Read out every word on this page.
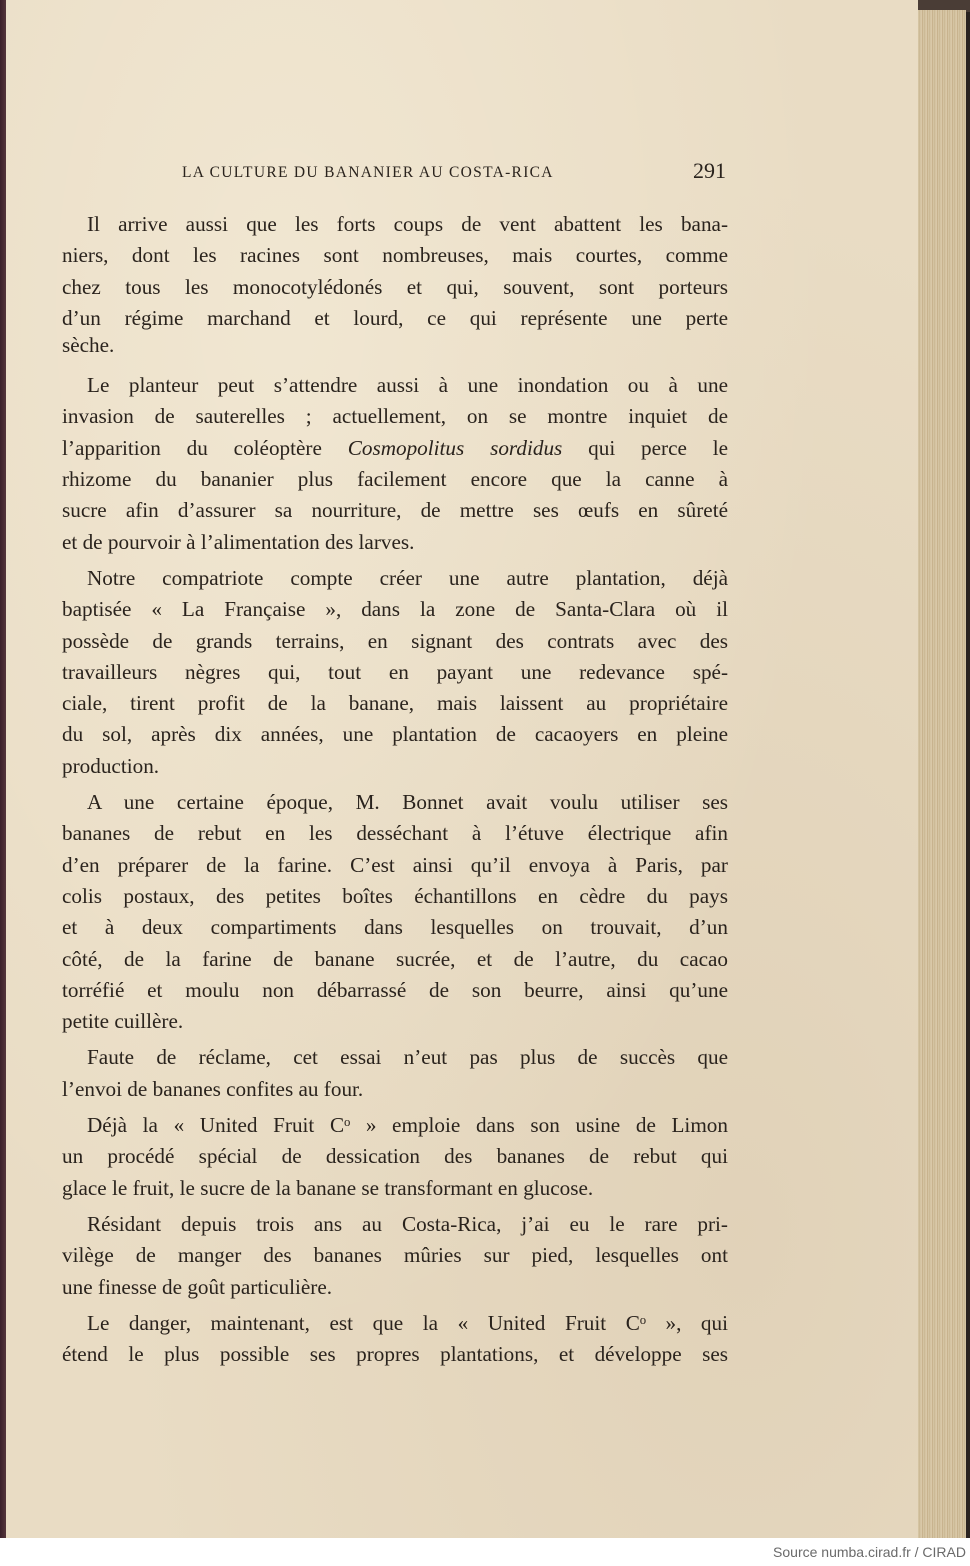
LA CULTURE DU BANANIER AU COSTA-RICA	291
Il arrive aussi que les forts coups de vent abattent les bana-
niers, dont les racines sont nombreuses, mais courtes, comme
chez tous les monocotylédonés et qui, souvent, sont porteurs
d’un régime marchand et lourd, ce qui représente une perte
sèche.
Le planteur peut s’attendre aussi à une inondation ou à une
invasion de sauterelles ; actuellement, on se montre inquiet de
l’apparition du coléoptère Cosmopolitus sordidus qui perce le
rhizome du bananier plus facilement encore que la canne à
sucre afin d’assurer sa nourriture, de mettre ses œufs en sûreté
et de pourvoir à l’alimentation des larves.
Notre compatriote compte créer une autre plantation, déjà
baptisée « La Française », dans la zone de Santa-Clara où il
possède de grands terrains, en signant des contrats avec des
travailleurs nègres qui, tout en payant une redevance spé-
ciale, tirent profit de la banane, mais laissent au propriétaire
du sol, après dix années, une plantation de cacaoyers en pleine
production.
A une certaine époque, M. Bonnet avait voulu utiliser ses
bananes de rebut en les desséchant à l’étuve électrique afin
d’en préparer de la farine. C’est ainsi qu’il envoya à Paris, par
colis postaux, des petites boîtes échantillons en cèdre du pays
et à deux compartiments dans lesquelles on trouvait, d’un
côté, de la farine de banane sucrée, et de l’autre, du cacao
torréfié et moulu non débarrassé de son beurre, ainsi qu’une
petite cuillère.
Faute de réclame, cet essai n’eut pas plus de succès que
l’envoi de bananes confites au four.
Déjà la « United Fruit Cᵒ » emploie dans son usine de Limon
un procédé spécial de dessication des bananes de rebut qui
glace le fruit, le sucre de la banane se transformant en glucose.
Résidant depuis trois ans au Costa-Rica, j’ai eu le rare pri-
vilège de manger des bananes mûries sur pied, lesquelles ont
une finesse de goût particulière.
Le danger, maintenant, est que la « United Fruit Cᵒ », qui
étend le plus possible ses propres plantations, et développe ses
Source numba.cirad.fr / CIRAD
